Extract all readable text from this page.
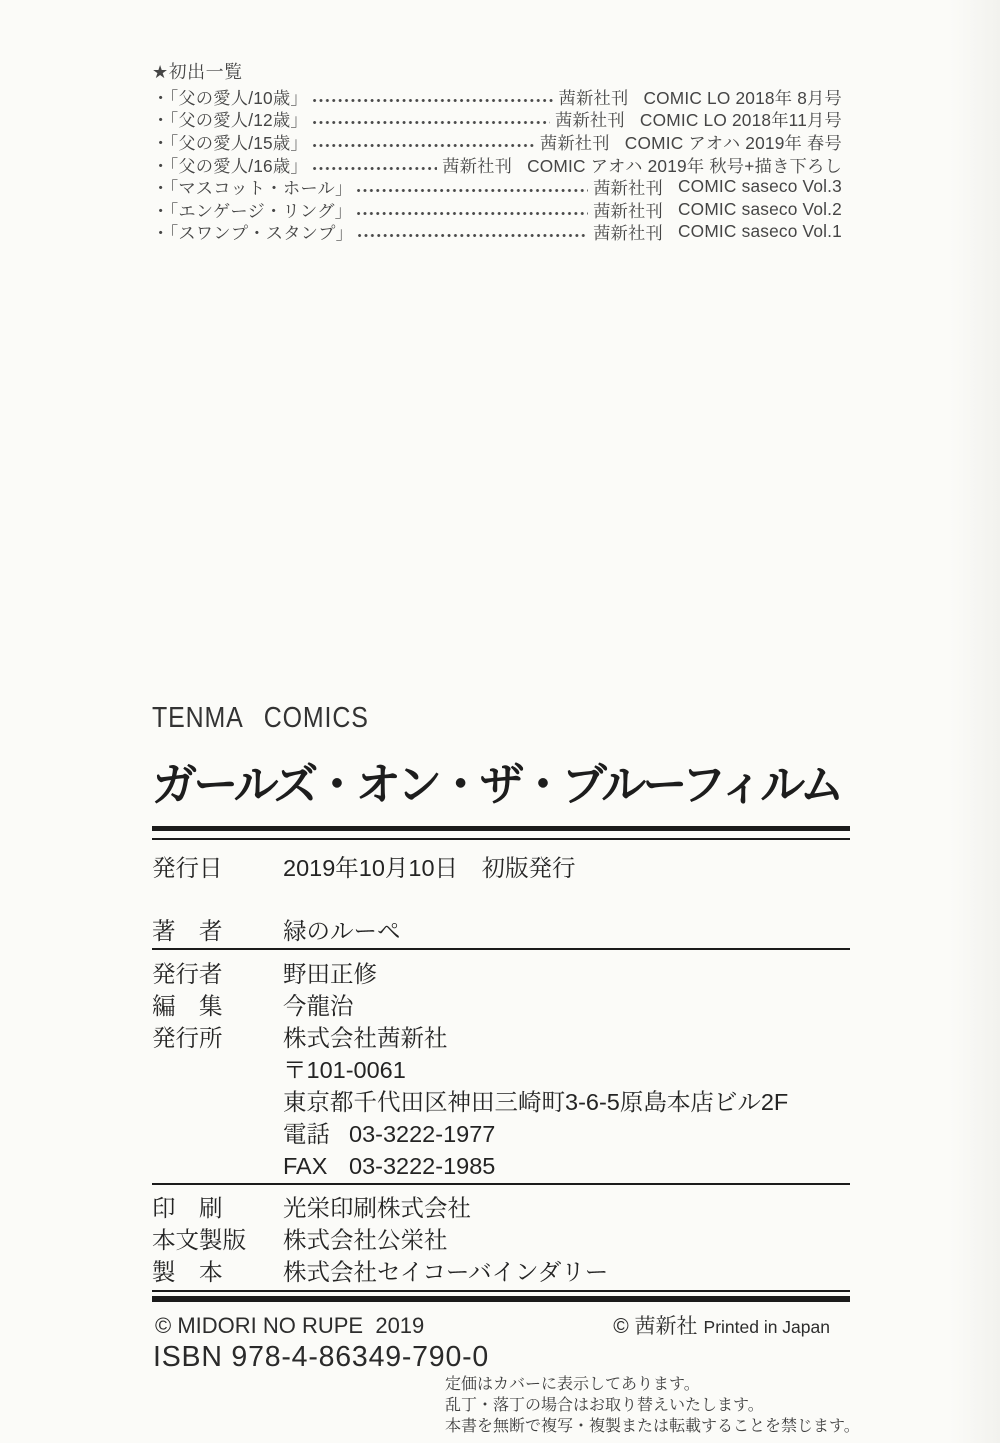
★初出一覧
・「父の愛人/10歳」	茜新社刊 COMIC LO 2018年 8月号
・「父の愛人/12歳」	茜新社刊 COMIC LO 2018年11月号
・「父の愛人/15歳」	茜新社刊 COMIC アオハ 2019年 春号
・「父の愛人/16歳」	茜新社刊 COMIC アオハ 2019年 秋号+描き下ろし
・「マスコット・ホール」	茜新社刊 COMIC saseco Vol.3
・「エンゲージ・リング」	茜新社刊 COMIC saseco Vol.2
・「スワンプ・スタンプ」	茜新社刊 COMIC saseco Vol.1
TENMA COMICS
ガールズ・オン・ザ・ブルーフィルム
発行日	2019年10月10日　初版発行
著　者	緑のルーペ
発行者	野田正修
編　集	今龍治
発行所	株式会社茜新社
〒101-0061
東京都千代田区神田三崎町3-6-5原島本店ビル2F
電話 03-3222-1977
FAX 03-3222-1985
印　刷	光栄印刷株式会社
本文製版	株式会社公栄社
製　本	株式会社セイコーバインダリー
© MIDORI NO RUPE  2019	© 茜新社 Printed in Japan
ISBN 978-4-86349-790-0
定価はカバーに表示してあります。
乱丁・落丁の場合はお取り替えいたします。
本書を無断で複写・複製または転載することを禁じます。
